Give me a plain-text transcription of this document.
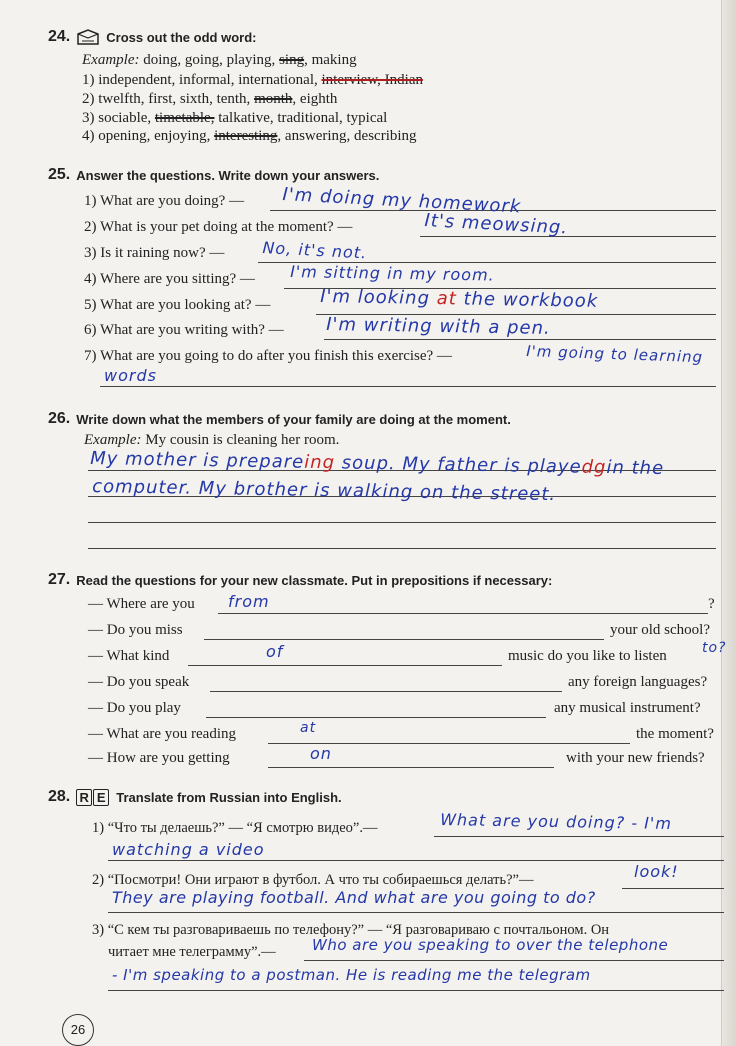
24.	Cross out the odd word:
Example: doing, going, playing, sing, making
1) independent, informal, international, interview, Indian
2) twelfth, first, sixth, tenth, month, eighth
3) sociable, timetable, talkative, traditional, typical
4) opening, enjoying, interesting, answering, describing
25. Answer the questions. Write down your answers.
1) What are you doing? — I'm doing my homework
2) What is your pet doing at the moment? —	It's meowsing.
3) Is it raining now? — No, it's not.
4) Where are you sitting? — I'm sitting in my room.
5) What are you looking at? —	I'm looking at the workbook
6) What are you writing with? — I'm writing with a pen.
7) What are you going to do after you finish this exercise? —	I'm going to learning
words
26. Write down what the members of your family are doing at the moment.
Example: My cousin is cleaning her room.
My mother is prepareing soup. My father is playedgin the
computer. My brother is walking on the street.
27. Read the questions for your new classmate. Put in prepositions if necessary:
— Where are you from	?
— Do you miss	your old school?
— What kind	of	music do you like to listen	to?
— Do you speak	any foreign languages?
— Do you play	any musical instrument?
— What are you reading	at	the moment?
— How are you getting	on	with your new friends?
28. R E Translate from Russian into English.
1) “Что ты делаешь?” — “Я смотрю видео”.—	What are you doing? - I'm
watching a video
2) “Посмотри! Они играют в футбол. А что ты собираешься делать?”—	look!
They are playing football. And what are you going to do?
3) “С кем ты разговариваешь по телефону?” — “Я разговариваю с почтальоном. Он
читает мне телеграмму”.— Who are you speaking to over the telephone
- I'm speaking to a postman. He is reading me the telegram
26
